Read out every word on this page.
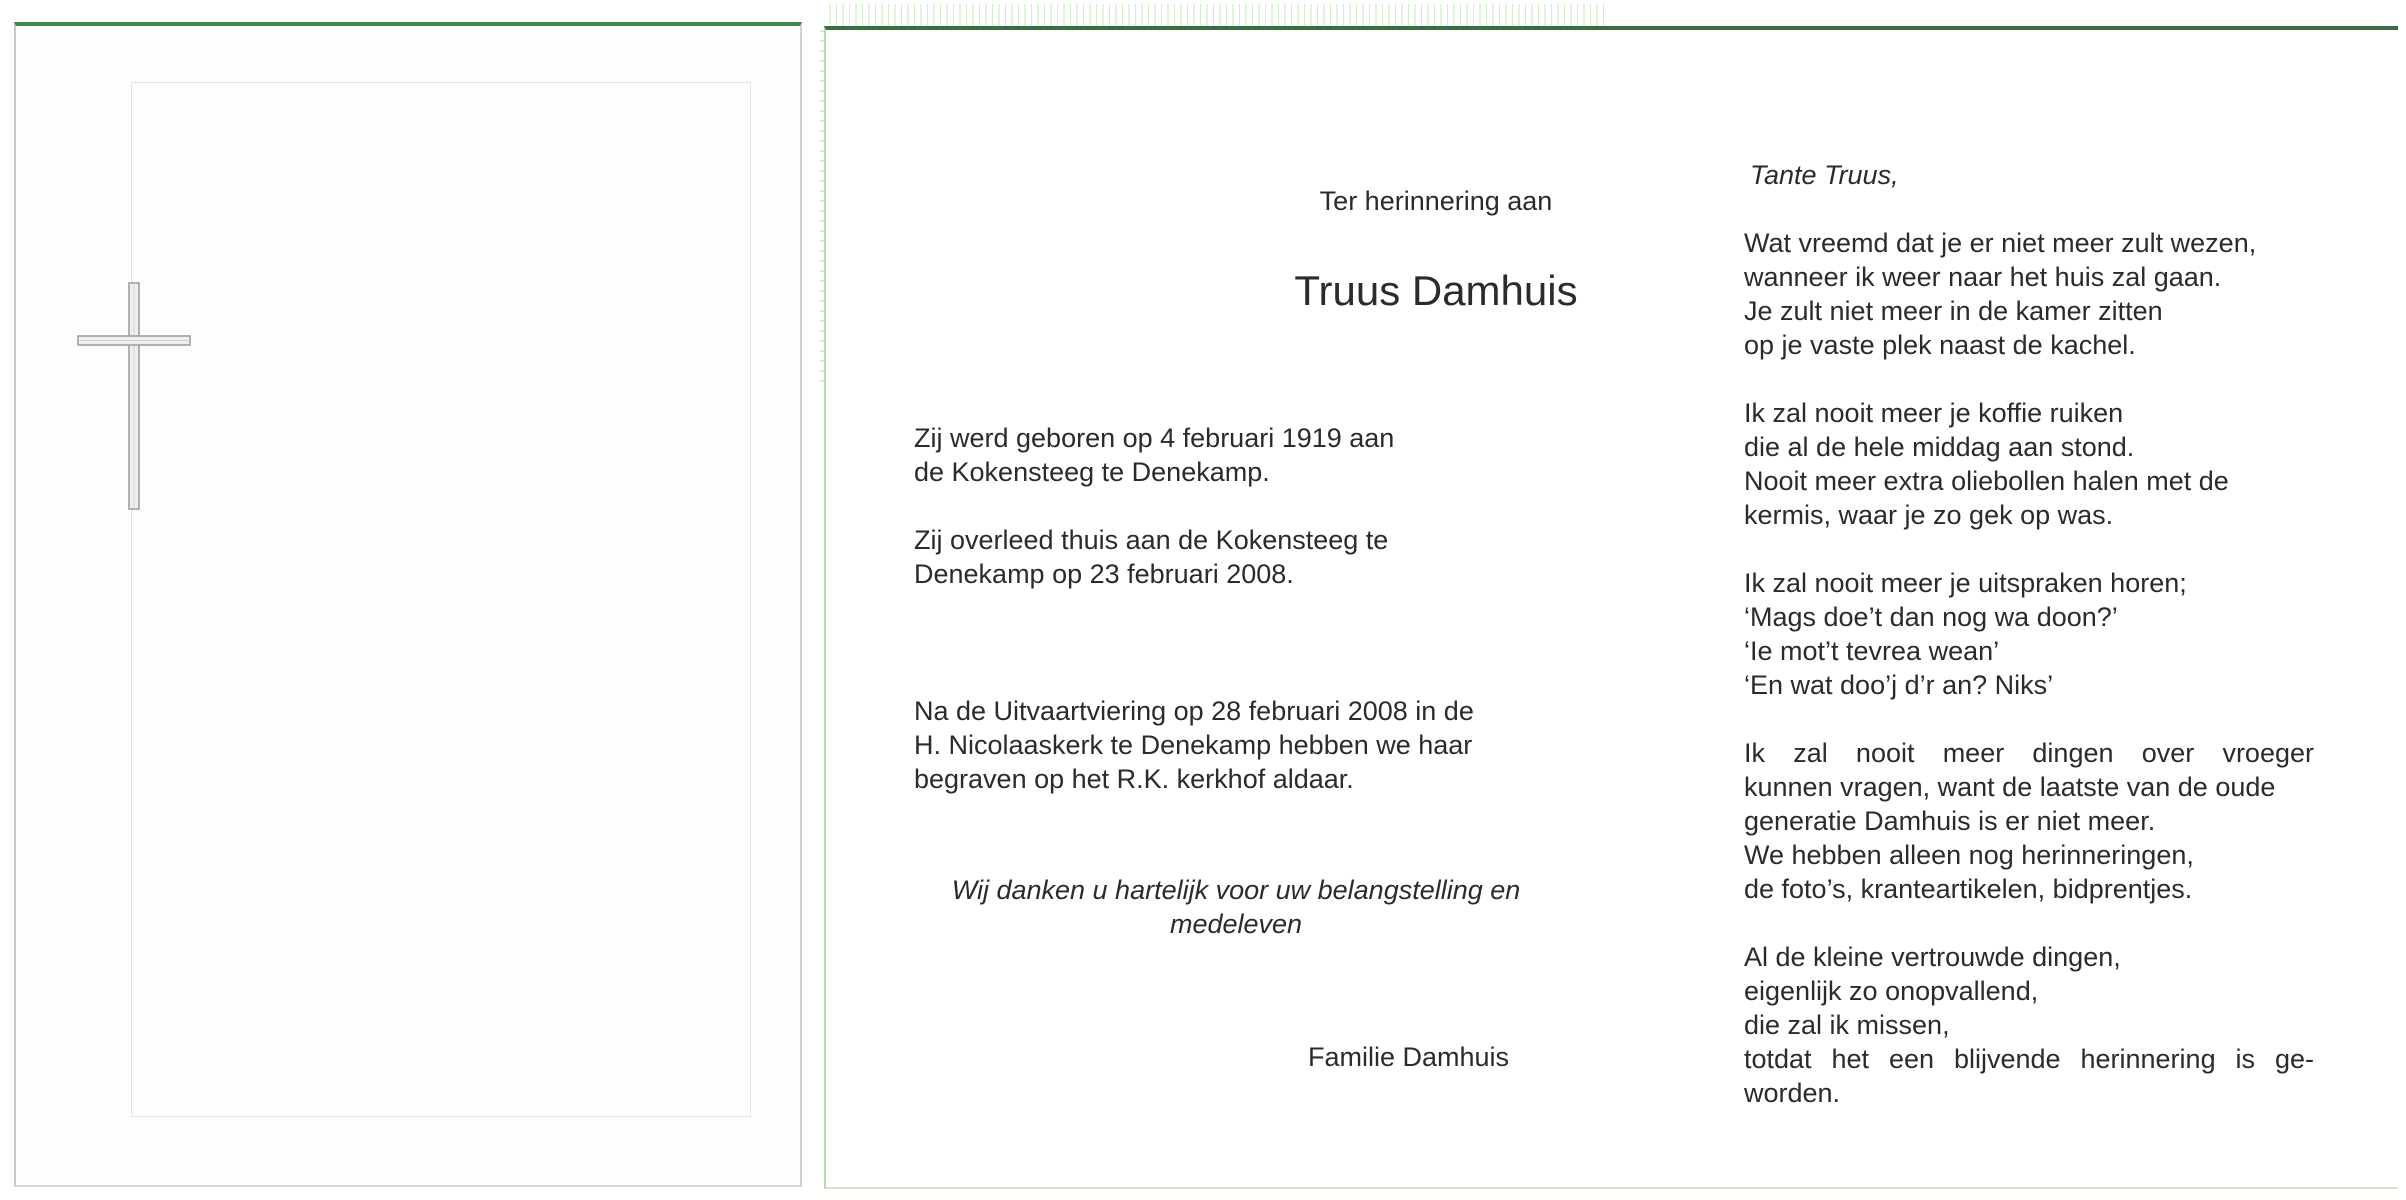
Ter herinnering aan
Truus Damhuis
Zij werd geboren op 4 februari 1919 aan
de Kokensteeg te Denekamp.
Zij overleed thuis aan de Kokensteeg te
Denekamp op 23 februari 2008.
Na de Uitvaartviering op 28 februari 2008 in de
H. Nicolaaskerk te Denekamp hebben we haar
begraven op het R.K. kerkhof aldaar.
Wij danken u hartelijk voor uw belangstelling en
medeleven
Familie Damhuis
Tante Truus,
Wat vreemd dat je er niet meer zult wezen,
wanneer ik weer naar het huis zal gaan.
Je zult niet meer in de kamer zitten
op je vaste plek naast de kachel.
Ik zal nooit meer je koffie ruiken
die al de hele middag aan stond.
Nooit meer extra oliebollen halen met de
kermis, waar je zo gek op was.
Ik zal nooit meer je uitspraken horen;
‘Mags doe’t dan nog wa doon?’
‘Ie mot’t tevrea wean’
‘En wat doo’j d’r an? Niks’
Ik zal nooit meer dingen over vroeger
kunnen vragen, want de laatste van de oude
generatie Damhuis is er niet meer.
We hebben alleen nog herinneringen,
de foto’s, kranteartikelen, bidprentjes.
Al de kleine vertrouwde dingen,
eigenlijk zo onopvallend,
die zal ik missen,
totdat het een blijvende herinnering is ge-
worden.
